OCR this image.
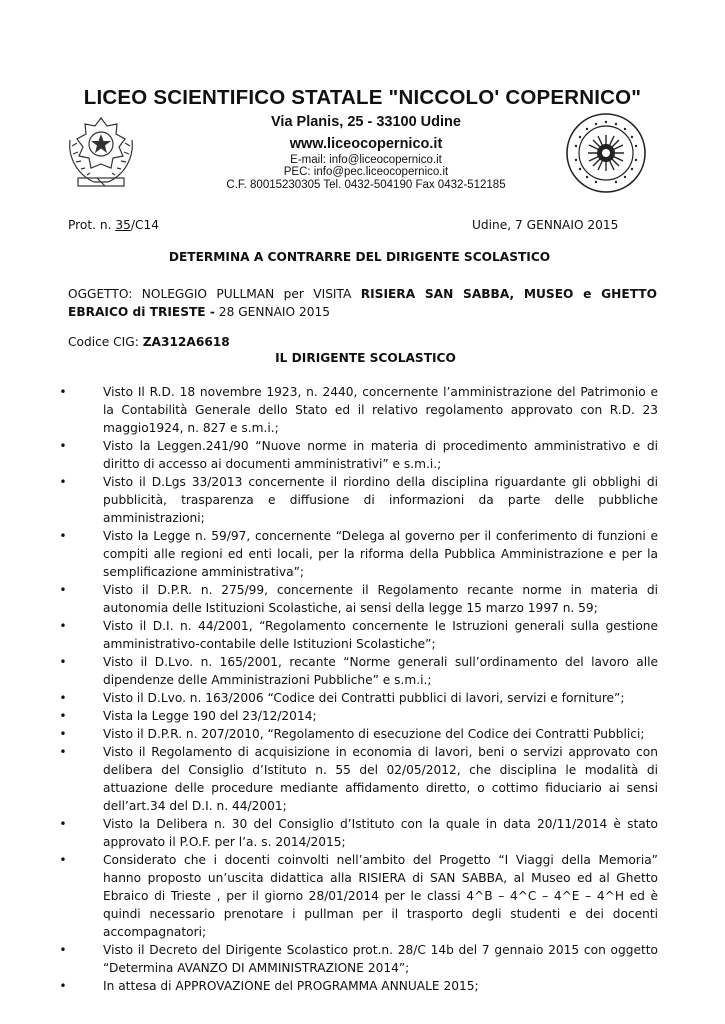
LICEO SCIENTIFICO STATALE "NICCOLO' COPERNICO"
Via Planis, 25 - 33100 Udine
www.liceocopernico.it
E-mail: info@liceocopernico.it
PEC: info@pec.liceocopernico.it
C.F. 80015230305 Tel. 0432-504190 Fax 0432-512185
Prot. n. 35/C14	Udine, 7 GENNAIO 2015
DETERMINA A CONTRARRE DEL DIRIGENTE SCOLASTICO
OGGETTO: NOLEGGIO PULLMAN per VISITA RISIERA SAN SABBA, MUSEO e GHETTO EBRAICO di TRIESTE - 28 GENNAIO 2015
Codice CIG: ZA312A6618
IL DIRIGENTE SCOLASTICO
•	Visto Il R.D. 18 novembre 1923, n. 2440, concernente l’amministrazione del Patrimonio e la Contabilità Generale dello Stato ed il relativo regolamento approvato con R.D. 23 maggio1924, n. 827 e s.m.i.;
•	Visto la Leggen.241/90 “Nuove norme in materia di procedimento amministrativo e di diritto di accesso ai documenti amministrativi” e s.m.i.;
•	Visto il D.Lgs 33/2013 concernente il riordino della disciplina riguardante gli obblighi di pubblicità, trasparenza e diffusione di informazioni da parte delle pubbliche amministrazioni;
•	Visto la Legge n. 59/97, concernente “Delega al governo per il conferimento di funzioni e compiti alle regioni ed enti locali, per la riforma della Pubblica Amministrazione e per la semplificazione amministrativa”;
•	Visto il D.P.R. n. 275/99, concernente il Regolamento recante norme in materia di autonomia delle Istituzioni Scolastiche, ai sensi della legge 15 marzo 1997 n. 59;
•	Visto il D.I. n. 44/2001, “Regolamento concernente le Istruzioni generali sulla gestione amministrativo-contabile delle Istituzioni Scolastiche”;
•	Visto il D.Lvo. n. 165/2001, recante “Norme generali sull’ordinamento del lavoro alle dipendenze delle Amministrazioni Pubbliche” e s.m.i.;
•	Visto il D.Lvo. n. 163/2006 “Codice dei Contratti pubblici di lavori, servizi e forniture”;
•	Vista la Legge 190 del 23/12/2014;
•	Visto il D.P.R. n. 207/2010, “Regolamento di esecuzione del Codice dei Contratti Pubblici;
•	Visto il Regolamento di acquisizione in economia di lavori, beni o servizi approvato con delibera del Consiglio d’Istituto n. 55 del 02/05/2012, che disciplina le modalità di attuazione delle procedure mediante affidamento diretto, o cottimo fiduciario ai sensi dell’art.34 del D.I. n. 44/2001;
•	Visto la Delibera n. 30 del Consiglio d’Istituto con la quale in data 20/11/2014 è stato approvato il P.O.F. per l’a. s. 2014/2015;
•	Considerato che i docenti coinvolti nell’ambito del Progetto “I Viaggi della Memoria” hanno proposto un’uscita didattica alla RISIERA di SAN SABBA, al Museo ed al Ghetto Ebraico di Trieste , per il giorno 28/01/2014 per le classi 4^B – 4^C – 4^E – 4^H ed è quindi necessario prenotare i pullman per il trasporto degli studenti e dei docenti accompagnatori;
•	Visto il Decreto del Dirigente Scolastico prot.n. 28/C 14b del 7 gennaio 2015 con oggetto “Determina AVANZO DI AMMINISTRAZIONE 2014”;
•	In attesa di APPROVAZIONE del PROGRAMMA ANNUALE 2015;
